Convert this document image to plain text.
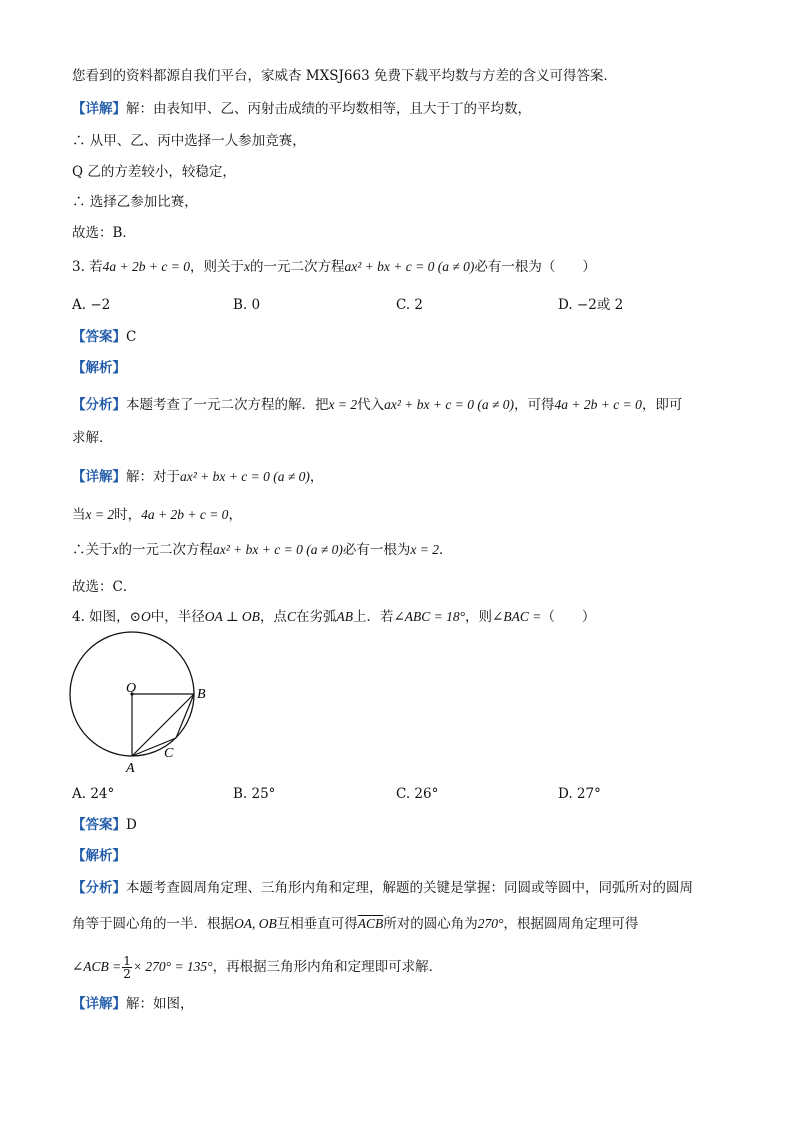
您看到的资料都源自我们平台，家威杏 MXSJ663 免费下载平均数与方差的含义可得答案．
【详解】解：由表知甲、乙、丙射击成绩的平均数相等，且大于丁的平均数，
∴ 从甲、乙、丙中选择一人参加竞赛，
Q 乙的方差较小，较稳定，
∴ 选择乙参加比赛，
故选：B．
3. 若4a + 2b + c = 0，则关于x的一元二次方程ax² + bx + c = 0 (a ≠ 0)必有一根为（　　）
A. −2	B. 0	C. 2	D. −2或 2
【答案】C
【解析】
【分析】本题考查了一元二次方程的解．把x = 2代入ax² + bx + c = 0 (a ≠ 0)，可得4a + 2b + c = 0，即可
求解．
【详解】解：对于ax² + bx + c = 0 (a ≠ 0)，
当x = 2时，4a + 2b + c = 0，
∴关于x的一元二次方程ax² + bx + c = 0 (a ≠ 0)必有一根为x = 2．
故选：C．
4. 如图，⊙O中，半径OA ⊥ OB，点C在劣弧AB上．若∠ABC = 18°，则∠BAC =（　　）
O
A
B
C
A. 24°	B. 25°	C. 26°	D. 27°
【答案】D
【解析】
【分析】本题考查圆周角定理、三角形内角和定理，解题的关键是掌握：同圆或等圆中，同弧所对的圆周
角等于圆心角的一半．根据OA, OB互相垂直可得$\overline{ACB}$所对的圆心角为270°，根据圆周角定理可得
∠ACB = $\frac{1}{2} \times 270^\circ = 135^\circ$，再根据三角形内角和定理即可求解．
【详解】解：如图，
